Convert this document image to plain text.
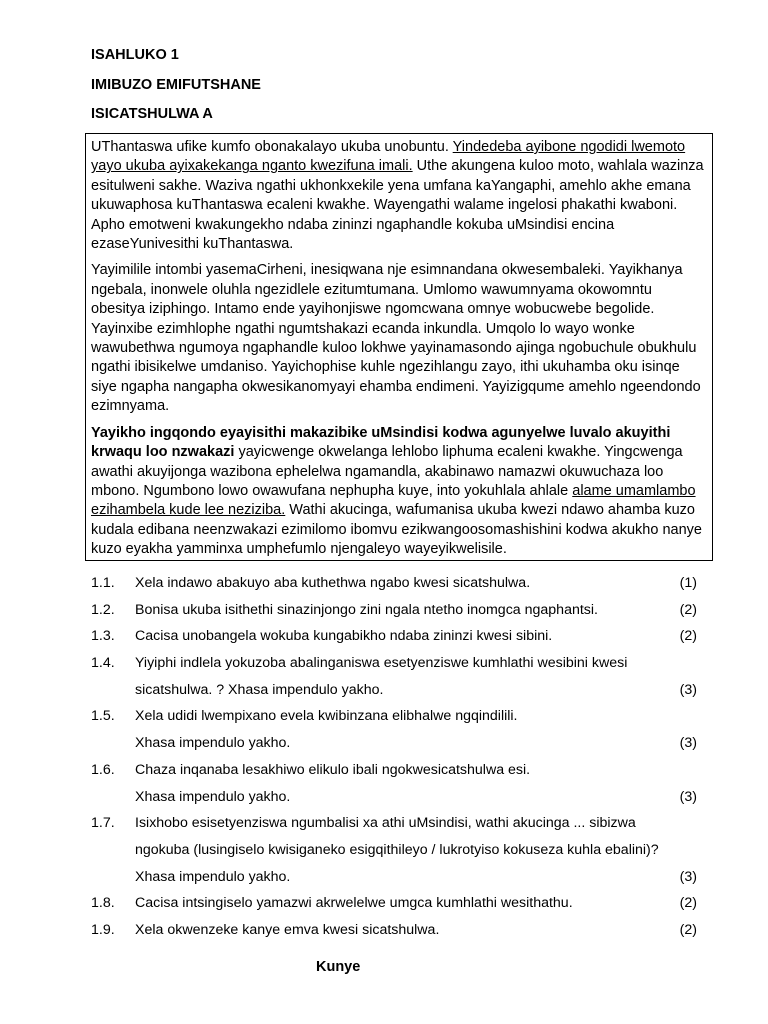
ISAHLUKO 1
IMIBUZO EMIFUTSHANE
ISICATSHULWA A

UThantaswa ufike kumfo obonakalayo ukuba unobuntu. Yindedeba ayibone ngodidi lwemoto yayo ukuba ayixakekanga nganto kwezifuna imali. Uthe akungena kuloo moto, wahlala wazinza esitulweni sakhe. Waziva ngathi ukhonkxekile yena umfana kaYangaphi, amehlo akhe emana ukuwaphosa kuThantaswa ecaleni kwakhe. Wayengathi walame ingelosi phakathi kwaboni. Apho emotweni kwakungekho ndaba zininzi ngaphandle kokuba uMsindisi encina ezaseYunivesithi kuThantaswa.

Yayimilile intombi yasemaCirheni, inesiqwana nje esimnandana okwesembaleki. Yayikhanya ngebala, inonwele oluhla ngezidlele ezitumtumana. Umlomo wawumnyama okowomntu obesitya iziphingo. Intamo ende yayihonjiswe ngomcwana omnye wobucwebe begolide. Yayinxibe ezimhlophe ngathi ngumtshakazi ecanda inkundla. Umqolo lo wayo wonke wawubethwa ngumoya ngaphandle kuloo lokhwe yayinamasondo ajinga ngobuchule obukhulu ngathi ibisikelwe umdaniso. Yayichophise kuhle ngezihlangu zayo, ithi ukuhamba oku isinqe siye ngapha nangapha okwesikanomyayi ehamba endimeni. Yayizigqume amehlo ngeendondo ezimnyama.

Yayikho ingqondo eyayisithi makazibike uMsindisi kodwa agunyelwe luvalo akuyithi krwaqu loo nzwakazi yayicwenge okwelanga lehlobo liphuma ecaleni kwakhe. Yingcwenga awathi akuyijonga wazibona ephelelwa ngamandla, akabinawo namazwi okuwuchaza loo mbono. Ngumbono lowo owawufana nephupha kuye, into yokuhlala ahlale alame umamlambo ezihambela kude lee neziziba. Wathi akucinga, wafumanisa ukuba kwezi ndawo ahamba kuzo kudala edibana neenzwakazi ezimilomo ibomvu ezikwangoosomashishini kodwa akukho nanye kuzo eyakha yamminxa umphefumlo njengaleyo wayeyikwelisile.

1.1. Xela indawo abakuyo aba kuthethwa ngabo kwesi sicatshulwa.	(1)
1.2. Bonisa ukuba isithethi sinazinjongo zini ngala ntetho inomgca ngaphantsi.	(2)
1.3. Cacisa unobangela wokuba kungabikho ndaba zininzi kwesi sibini.	(2)
1.4. Yiyiphi indlela yokuzoba abalinganiswa esetyenziswe kumhlathi wesibini kwesi
sicatshulwa. ? Xhasa impendulo yakho.	(3)
1.5. Xela udidi lwempixano evela kwibinzana elibhalwe ngqindilili.
Xhasa impendulo yakho.	(3)
1.6. Chaza inqanaba lesakhiwo elikulo ibali ngokwesicatshulwa esi.
Xhasa impendulo yakho.	(3)
1.7. Isixhobo esisetyenziswa ngumbalisi xa athi uMsindisi, wathi akucinga ... sibizwa
ngokuba (lusingiselo kwisiganeko esigqithileyo / lukrotyiso kokuseza kuhla ebalini)?
Xhasa impendulo yakho.	(3)
1.8. Cacisa intsingiselo yamazwi akrwelelwe umgca kumhlathi wesithathu.	(2)
1.9. Xela okwenzeke kanye emva kwesi sicatshulwa.	(2)
Kunye
